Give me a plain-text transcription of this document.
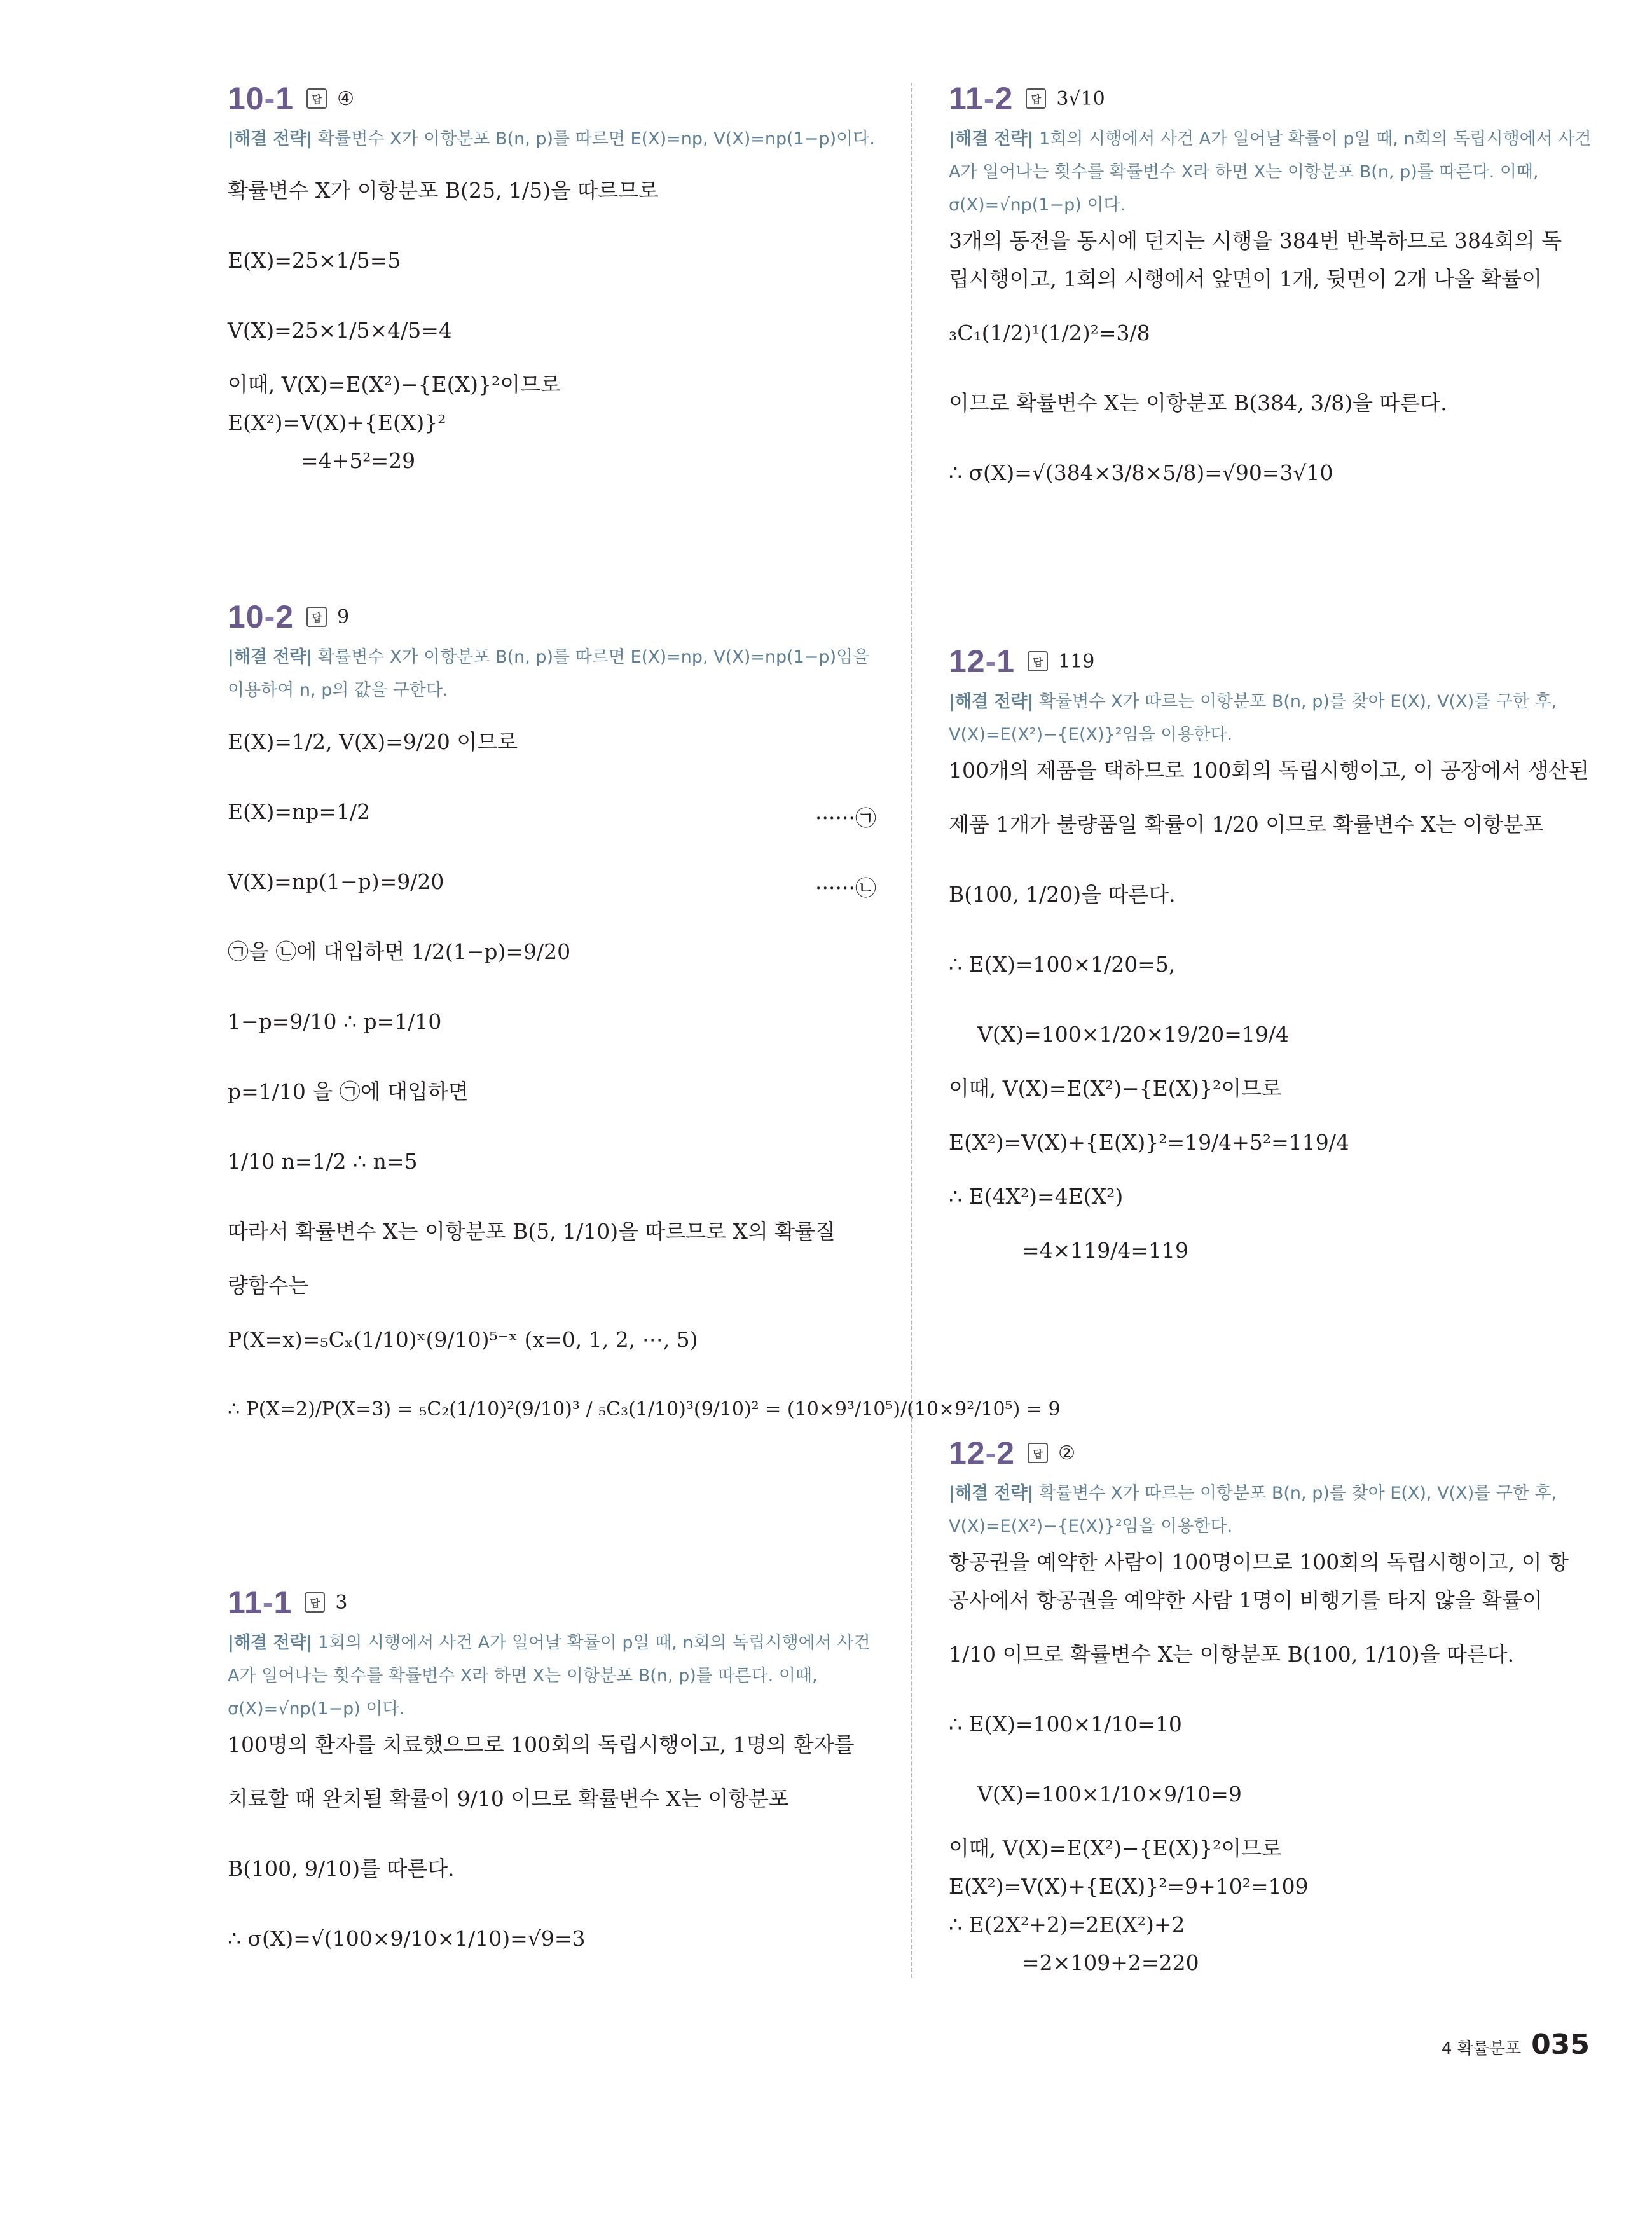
10-1	답 ④
|해결 전략| 확률변수 X가 이항분포 B(n, p)를 따르면 E(X)=np, V(X)=np(1−p)이다.
확률변수 X가 이항분포 B(25, 1/5)을 따르므로
E(X)=25×1/5=5
V(X)=25×1/5×4/5=4
이때, V(X)=E(X²)−{E(X)}²이므로
E(X²)=V(X)+{E(X)}²
=4+5²=29
10-2	답 9
|해결 전략| 확률변수 X가 이항분포 B(n, p)를 따르면 E(X)=np, V(X)=np(1−p)임을 이용하여 n, p의 값을 구한다.
E(X)=1/2, V(X)=9/20 이므로
E(X)=np=1/2	······㉠
V(X)=np(1−p)=9/20	······㉡
㉠을 ㉡에 대입하면 1/2(1−p)=9/20
1−p=9/10 ∴ p=1/10
p=1/10 을 ㉠에 대입하면
1/10 n=1/2 ∴ n=5
따라서 확률변수 X는 이항분포 B(5, 1/10)을 따르므로 X의 확률질
량함수는
P(X=x)=₅Cₓ(1/10)ˣ(9/10)⁵⁻ˣ (x=0, 1, 2, ⋯, 5)
∴ P(X=2)/P(X=3) = ₅C₂(1/10)²(9/10)³ / ₅C₃(1/10)³(9/10)² = (10×9³/10⁵)/(10×9²/10⁵) = 9
11-1	답 3
|해결 전략| 1회의 시행에서 사건 A가 일어날 확률이 p일 때, n회의 독립시행에서 사건 A가 일어나는 횟수를 확률변수 X라 하면 X는 이항분포 B(n, p)를 따른다. 이때, σ(X)=√np(1−p) 이다.
100명의 환자를 치료했으므로 100회의 독립시행이고, 1명의 환자를
치료할 때 완치될 확률이 9/10 이므로 확률변수 X는 이항분포
B(100, 9/10)를 따른다.
∴ σ(X)=√(100×9/10×1/10)=√9=3
11-2	답 3√10
|해결 전략| 1회의 시행에서 사건 A가 일어날 확률이 p일 때, n회의 독립시행에서 사건 A가 일어나는 횟수를 확률변수 X라 하면 X는 이항분포 B(n, p)를 따른다. 이때, σ(X)=√np(1−p) 이다.
3개의 동전을 동시에 던지는 시행을 384번 반복하므로 384회의 독
립시행이고, 1회의 시행에서 앞면이 1개, 뒷면이 2개 나올 확률이
₃C₁(1/2)¹(1/2)²=3/8
이므로 확률변수 X는 이항분포 B(384, 3/8)을 따른다.
∴ σ(X)=√(384×3/8×5/8)=√90=3√10
12-1	답 119
|해결 전략| 확률변수 X가 따르는 이항분포 B(n, p)를 찾아 E(X), V(X)를 구한 후, V(X)=E(X²)−{E(X)}²임을 이용한다.
100개의 제품을 택하므로 100회의 독립시행이고, 이 공장에서 생산된
제품 1개가 불량품일 확률이 1/20 이므로 확률변수 X는 이항분포
B(100, 1/20)을 따른다.
∴ E(X)=100×1/20=5,
V(X)=100×1/20×19/20=19/4
이때, V(X)=E(X²)−{E(X)}²이므로
E(X²)=V(X)+{E(X)}²=19/4+5²=119/4
∴ E(4X²)=4E(X²)
=4×119/4=119
12-2	답 ②
|해결 전략| 확률변수 X가 따르는 이항분포 B(n, p)를 찾아 E(X), V(X)를 구한 후, V(X)=E(X²)−{E(X)}²임을 이용한다.
항공권을 예약한 사람이 100명이므로 100회의 독립시행이고, 이 항
공사에서 항공권을 예약한 사람 1명이 비행기를 타지 않을 확률이
1/10 이므로 확률변수 X는 이항분포 B(100, 1/10)을 따른다.
∴ E(X)=100×1/10=10
V(X)=100×1/10×9/10=9
이때, V(X)=E(X²)−{E(X)}²이므로
E(X²)=V(X)+{E(X)}²=9+10²=109
∴ E(2X²+2)=2E(X²)+2
=2×109+2=220
4 확률분포 035
